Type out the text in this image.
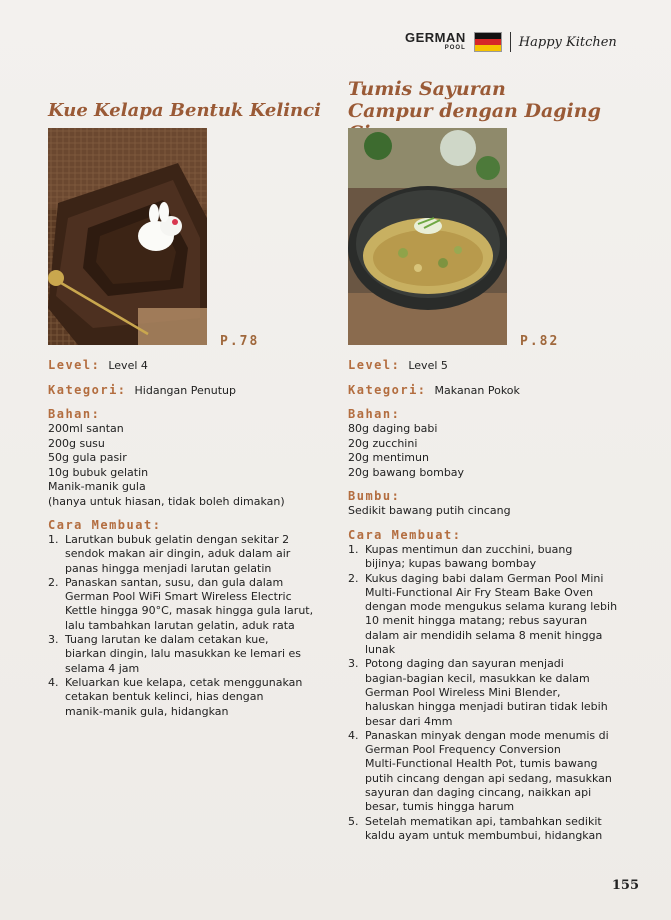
GERMAN
POOL	Happy Kitchen
Kue Kelapa Bentuk Kelinci
P.78
Level: Level 4
Kategori: Hidangan Penutup
Bahan:
200ml santan
200g susu
50g gula pasir
10g bubuk gelatin
Manik-manik gula
(hanya untuk hiasan, tidak boleh dimakan)
Cara Membuat:
1. Larutkan bubuk gelatin dengan sekitar 2
sendok makan air dingin, aduk dalam air
panas hingga menjadi larutan gelatin
2. Panaskan santan, susu, dan gula dalam
German Pool WiFi Smart Wireless Electric
Kettle hingga 90°C, masak hingga gula larut,
lalu tambahkan larutan gelatin, aduk rata
3. Tuang larutan ke dalam cetakan kue,
biarkan dingin, lalu masukkan ke lemari es
selama 4 jam
4. Keluarkan kue kelapa, cetak menggunakan
cetakan bentuk kelinci, hias dengan
manik-manik gula, hidangkan
Tumis Sayuran
Campur dengan Daging
P.82
Level: Level 5
Kategori: Makanan Pokok
Bahan:
80g daging babi
20g zucchini
20g mentimun
20g bawang bombay
Bumbu:
Sedikit bawang putih cincang
Cara Membuat:
1. Kupas mentimun dan zucchini, buang
bijinya; kupas bawang bombay
2. Kukus daging babi dalam German Pool Mini
Multi-Functional Air Fry Steam Bake Oven
dengan mode mengukus selama kurang lebih
10 menit hingga matang; rebus sayuran
dalam air mendidih selama 8 menit hingga
lunak
3. Potong daging dan sayuran menjadi
bagian-bagian kecil, masukkan ke dalam
German Pool Wireless Mini Blender,
haluskan hingga menjadi butiran tidak lebih
besar dari 4mm
4. Panaskan minyak dengan mode menumis di
German Pool Frequency Conversion
Multi-Functional Health Pot, tumis bawang
putih cincang dengan api sedang, masukkan
sayuran dan daging cincang, naikkan api
besar, tumis hingga harum
5. Setelah mematikan api, tambahkan sedikit
kaldu ayam untuk membumbui, hidangkan
155
